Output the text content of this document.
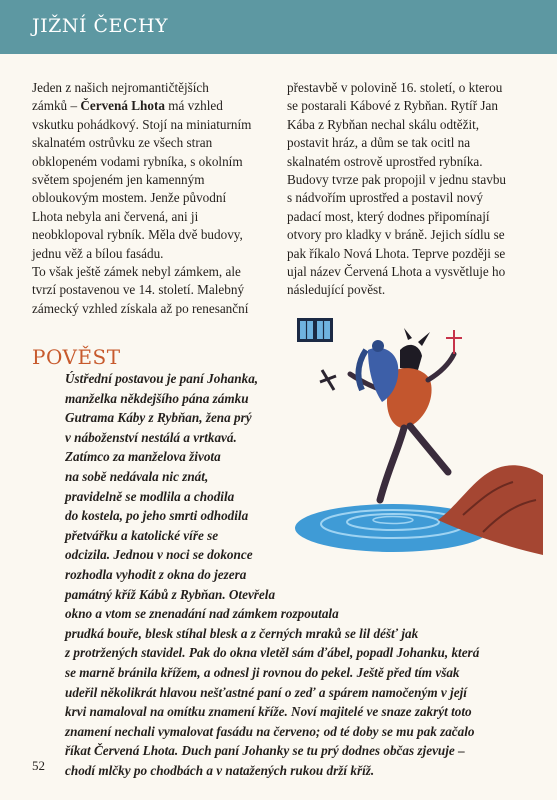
JIŽNÍ ČECHY

Jeden z našich nejromantičtějších

zámků – Červená Lhota má vzhled

vskutku pohádkový. Stojí na miniaturním

skalnatém ostrůvku ze všech stran

obklopeném vodami rybníka, s okolním

světem spojeném jen kamenným

obloukovým mostem. Jenže původní

Lhota nebyla ani červená, ani ji

neobklopoval rybník. Měla dvě budovy,

jednu věž a bílou fasádu.

To však ještě zámek nebyl zámkem, ale

tvrzí postavenou ve 14. století. Malebný

zámecký vzhled získala až po renesanční

přestavbě v polovině 16. století, o kterou

se postarali Kábové z Rybňan. Rytíř Jan

Kába z Rybňan nechal skálu odtěžit,

postavit hráz, a dům se tak ocitl na

skalnatém ostrově uprostřed rybníka.

Budovy tvrze pak propojil v jednu stavbu

s nádvořím uprostřed a postavil nový

padací most, který dodnes připomínají

otvory pro kladky v bráně. Jejich sídlu se

pak říkalo Nová Lhota. Teprve později se

ujal název Červená Lhota a vysvětluje ho

následující pověst.

POVĚST
Ústřední postavou je paní Johanka,
manželka někdejšího pána zámku
Gutrama Káby z Rybňan, žena prý
v náboženství nestálá a vrtkavá.
Zatímco za manželova života
na sobě nedávala nic znát,
pravidelně se modlila a chodila
do kostela, po jeho smrti odhodila
přetvářku a katolické víře se
odcizila. Jednou v noci se dokonce
rozhodla vyhodit z okna do jezera
památný kříž Kábů z Rybňan. Otevřela
okno a vtom se znenadání nad zámkem rozpoutala
prudká bouře, blesk stíhal blesk a z černých mraků se lil déšť jak
z protržených stavidel. Pak do okna vletěl sám ďábel, popadl Johanku, která
se marně bránila křížem, a odnesl ji rovnou do pekel. Ještě před tím však
udeřil několikrát hlavou nešťastné paní o zeď a spárem namočeným v její
krvi namaloval na omítku znamení kříže. Noví majitelé ve snaze zakrýt toto
znamení nechali vymalovat fasádu na červeno; od té doby se mu pak začalo
říkat Červená Lhota. Duch paní Johanky se tu prý dodnes občas zjevuje –
chodí mlčky po chodbách a v natažených rukou drží kříž.
52
